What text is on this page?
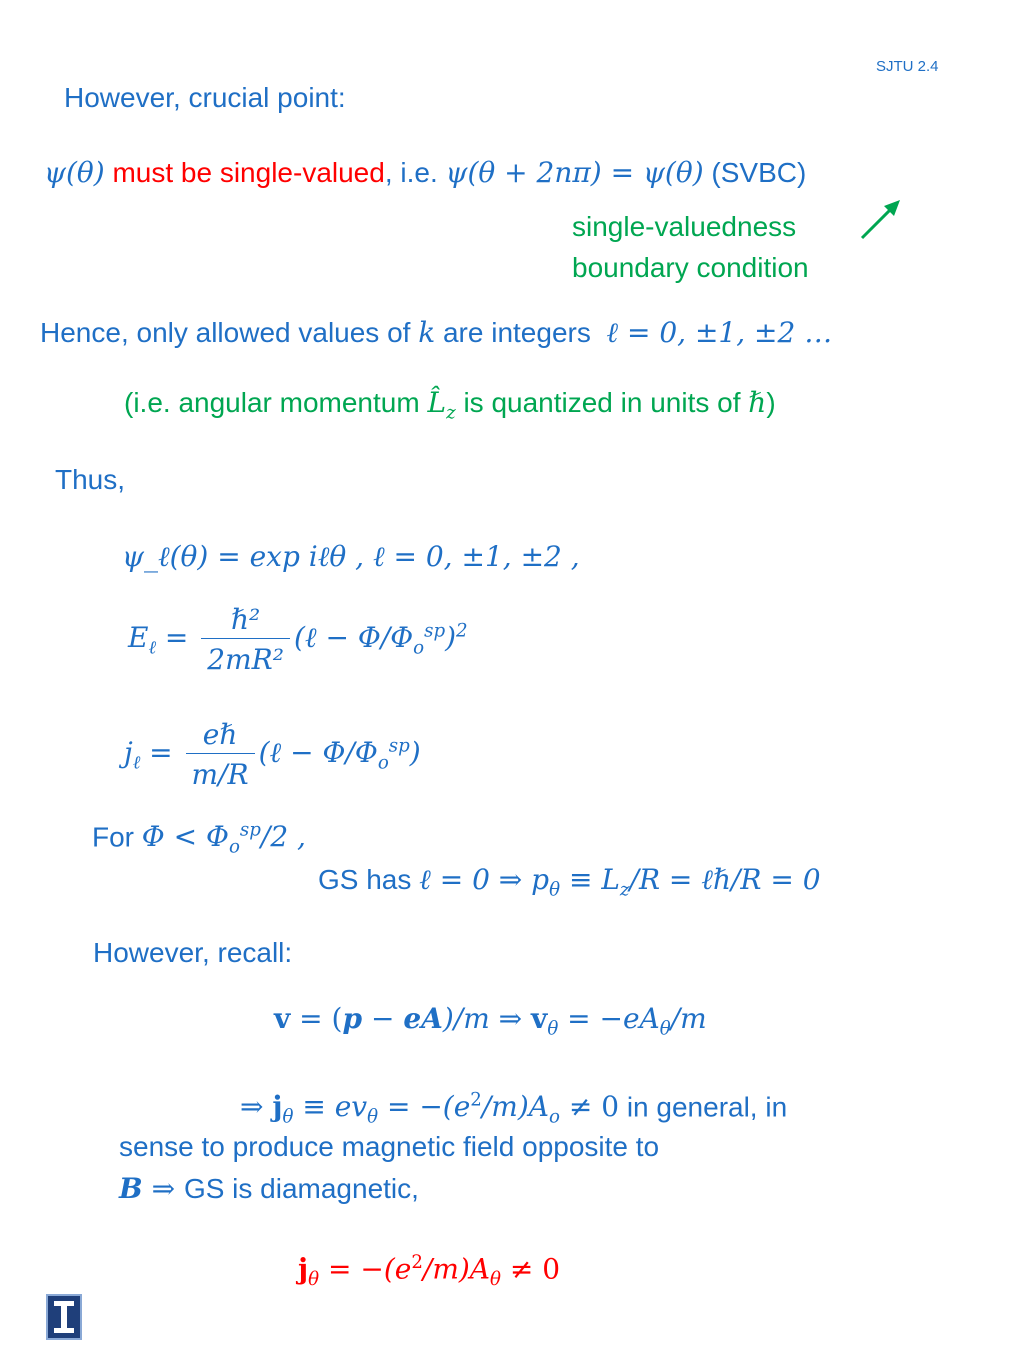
SJTU 2.4
However, crucial point:
ψ(θ) must be single-valued, i.e. ψ(θ + 2nπ) = ψ(θ) (SVBC)
single-valuedness
boundary condition
Hence, only allowed values of k are integers ℓ = 0, ±1, ±2 …
(i.e. angular momentum $L̂_z$ is quantized in units of ℏ)
Thus,
ψ_ℓ(θ) = exp iℓθ , ℓ = 0, ±1, ±2 ,
$E_\ell = \frac{\text{ℏ²}}{\text{2mR²}}$ (ℓ − $\Phi/\Phi_o^{sp})^2$
$j_\ell = \frac{\text{eℏ}}{m/R}$ (ℓ − $\Phi/\Phi_o^{sp}$)
For $\Phi < \Phi_o^{sp}/2$ ,
GS has ℓ = 0 ⇒ $p_\theta \equiv L_z/R$ = ℓℏ/R = 0
However, recall:
v = (p − eA)/m ⇒ $v_\theta = -eA_\theta/m$
⇒ $j_\theta \equiv ev_\theta = -(e^2/m)A_o \ne 0$ in general, in
sense to produce magnetic field opposite to
B ⇒ GS is diamagnetic,
$j_\theta = -(e^2/m)A_\theta \ne 0$
